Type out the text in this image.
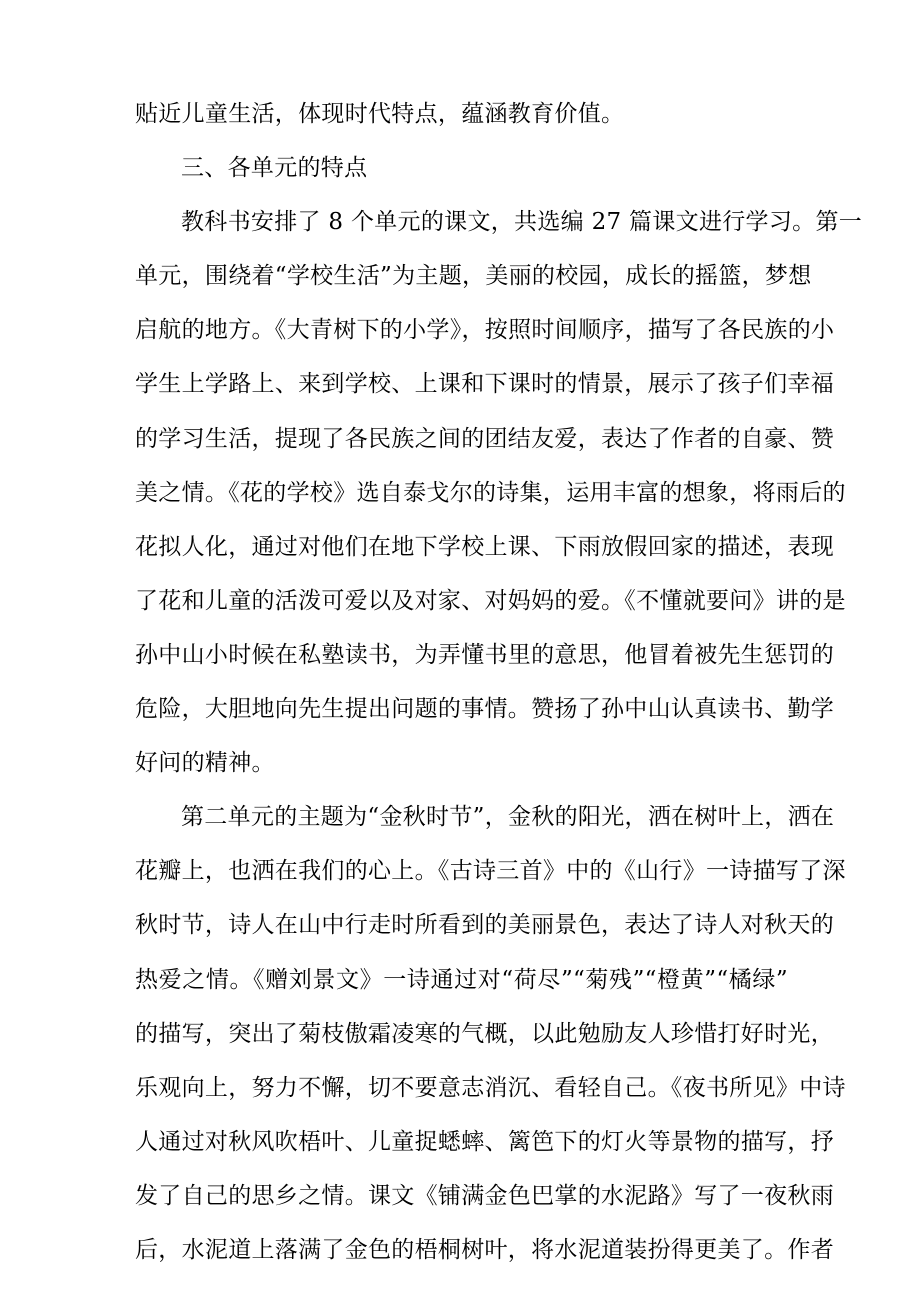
贴近儿童生活，体现时代特点，蕴涵教育价值。
三、各单元的特点
教科书安排了 8 个单元的课文，共选编 27 篇课文进行学习。第一
单元，围绕着“学校生活”为主题，美丽的校园，成长的摇篮，梦想
启航的地方。《大青树下的小学》，按照时间顺序，描写了各民族的小
学生上学路上、来到学校、上课和下课时的情景，展示了孩子们幸福
的学习生活，提现了各民族之间的团结友爱，表达了作者的自豪、赞
美之情。《花的学校》选自泰戈尔的诗集，运用丰富的想象，将雨后的
花拟人化，通过对他们在地下学校上课、下雨放假回家的描述，表现
了花和儿童的活泼可爱以及对家、对妈妈的爱。《不懂就要问》讲的是
孙中山小时候在私塾读书，为弄懂书里的意思，他冒着被先生惩罚的
危险，大胆地向先生提出问题的事情。赞扬了孙中山认真读书、勤学
好问的精神。
第二单元的主题为“金秋时节”，金秋的阳光，洒在树叶上，洒在
花瓣上，也洒在我们的心上。《古诗三首》中的《山行》一诗描写了深
秋时节，诗人在山中行走时所看到的美丽景色，表达了诗人对秋天的
热爱之情。《赠刘景文》一诗通过对“荷尽”“菊残”“橙黄”“橘绿”
的描写，突出了菊枝傲霜凌寒的气概，以此勉励友人珍惜打好时光，
乐观向上，努力不懈，切不要意志消沉、看轻自己。《夜书所见》中诗
人通过对秋风吹梧叶、儿童捉蟋蟀、篱笆下的灯火等景物的描写，抒
发了自己的思乡之情。课文《铺满金色巴掌的水泥路》写了一夜秋雨
后，水泥道上落满了金色的梧桐树叶，将水泥道装扮得更美了。作者
